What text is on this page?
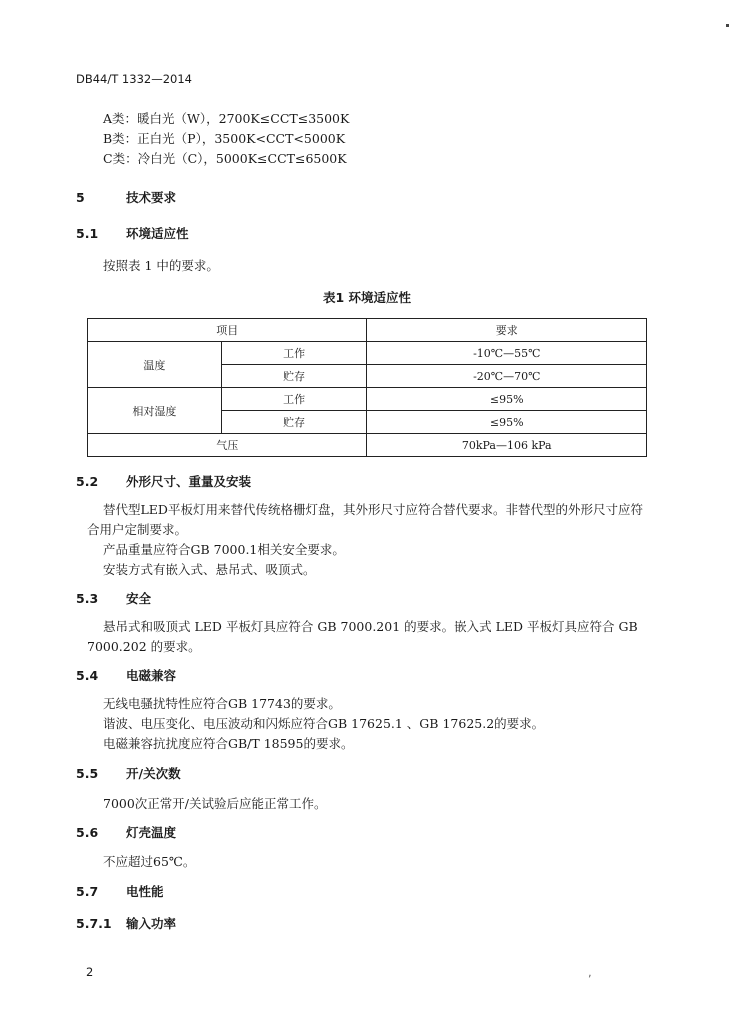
DB44/T 1332—2014
A类：暖白光（W），2700K≤CCT≤3500K
B类：正白光（P），3500K<CCT<5000K
C类：冷白光（C），5000K≤CCT≤6500K
5	技术要求
5.1 环境适应性
按照表 1 中的要求。
表1 环境适应性
项目		要求
温度	工作	-10℃—55℃
	贮存	-20℃—70℃
相对湿度	工作	≤95%
	贮存	≤95%
气压		70kPa—106 kPa
5.2 外形尺寸、重量及安装
替代型LED平板灯用来替代传统格栅灯盘，其外形尺寸应符合替代要求。非替代型的外形尺寸应符
合用户定制要求。
产品重量应符合GB 7000.1相关安全要求。
安装方式有嵌入式、悬吊式、吸顶式。
5.3 安全
悬吊式和吸顶式 LED 平板灯具应符合 GB 7000.201 的要求。嵌入式 LED 平板灯具应符合 GB
7000.202 的要求。
5.4 电磁兼容
无线电骚扰特性应符合GB 17743的要求。
谐波、电压变化、电压波动和闪烁应符合GB 17625.1 、GB 17625.2的要求。
电磁兼容抗扰度应符合GB/T 18595的要求。
5.5 开/关次数
7000次正常开/关试验后应能正常工作。
5.6 灯壳温度
不应超过65℃。
5.7 电性能
5.7.1 输入功率
2	,
